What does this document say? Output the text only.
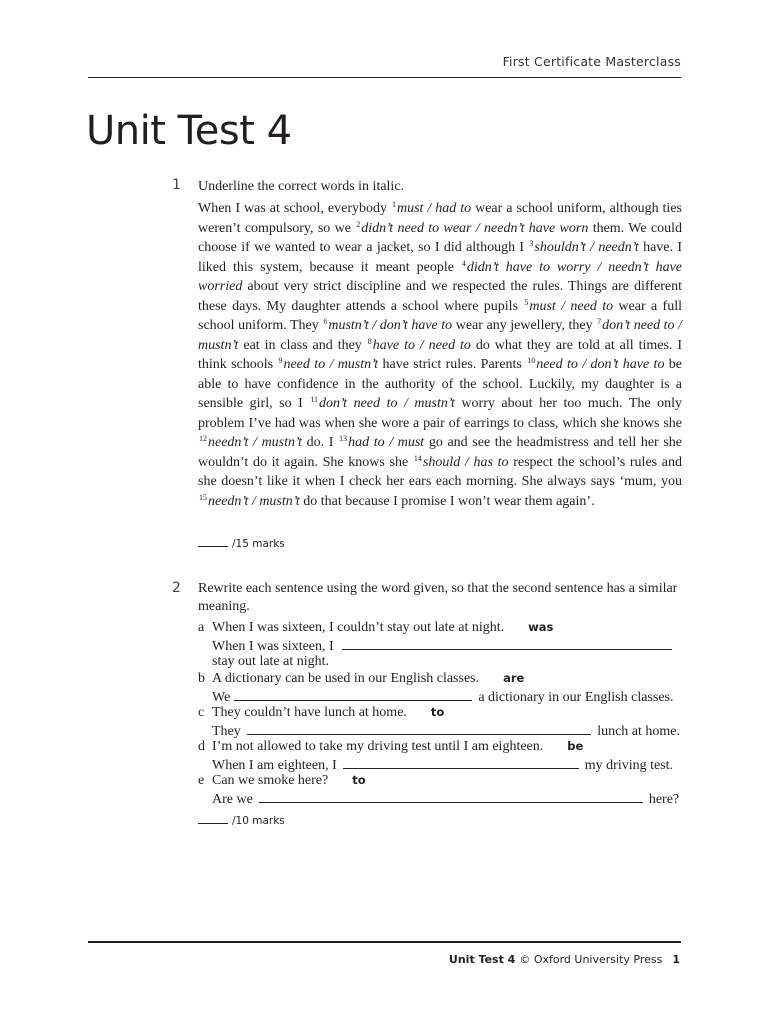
First Certificate Masterclass
Unit Test 4
1 Underline the correct words in italic.

When I was at school, everybody $^1$must / had to wear a school uniform, although ties weren’t compulsory, so we $^2$didn’t need to wear / needn’t have worn them. We could choose if we wanted to wear a jacket, so I did although I $^3$shouldn’t / needn’t have. I liked this system, because it meant people $^4$didn’t have to worry / needn’t have worried about very strict discipline and we respected the rules. Things are different these days. My daughter attends a school where pupils $^5$must / need to wear a full school uniform. They $^6$mustn’t / don’t have to wear any jewellery, they $^7$don’t need to / mustn’t eat in class and they $^8$have to / need to do what they are told at all times. I think schools $^9$need to / mustn’t have strict rules. Parents $^{10}$need to / don’t have to be able to have confidence in the authority of the school. Luckily, my daughter is a sensible girl, so I $^{11}$don’t need to / mustn’t worry about her too much. The only problem I’ve had was when she wore a pair of earrings to class, which she knows she $^{12}$needn’t / mustn’t do. I $^{13}$had to / must go and see the headmistress and tell her she wouldn’t do it again. She knows she $^{14}$should / has to respect the school’s rules and she doesn’t like it when I check her ears each morning. She always says ‘mum, you $^{15}$needn’t / mustn’t do that because I promise I won’t wear them again’.

/15 marks
2 Rewrite each sentence using the word given, so that the second sentence has a similar meaning.
a When I was sixteen, I couldn’t stay out late at night. was
When I was sixteen, I
stay out late at night.
b A dictionary can be used in our English classes. are
We	a dictionary in our English classes.
c They couldn’t have lunch at home. to
They	lunch at home.
d I’m not allowed to take my driving test until I am eighteen. be
When I am eighteen, I	my driving test.
e Can we smoke here? to
Are we	here?
/10 marks
Unit Test 4 © Oxford University Press 1
